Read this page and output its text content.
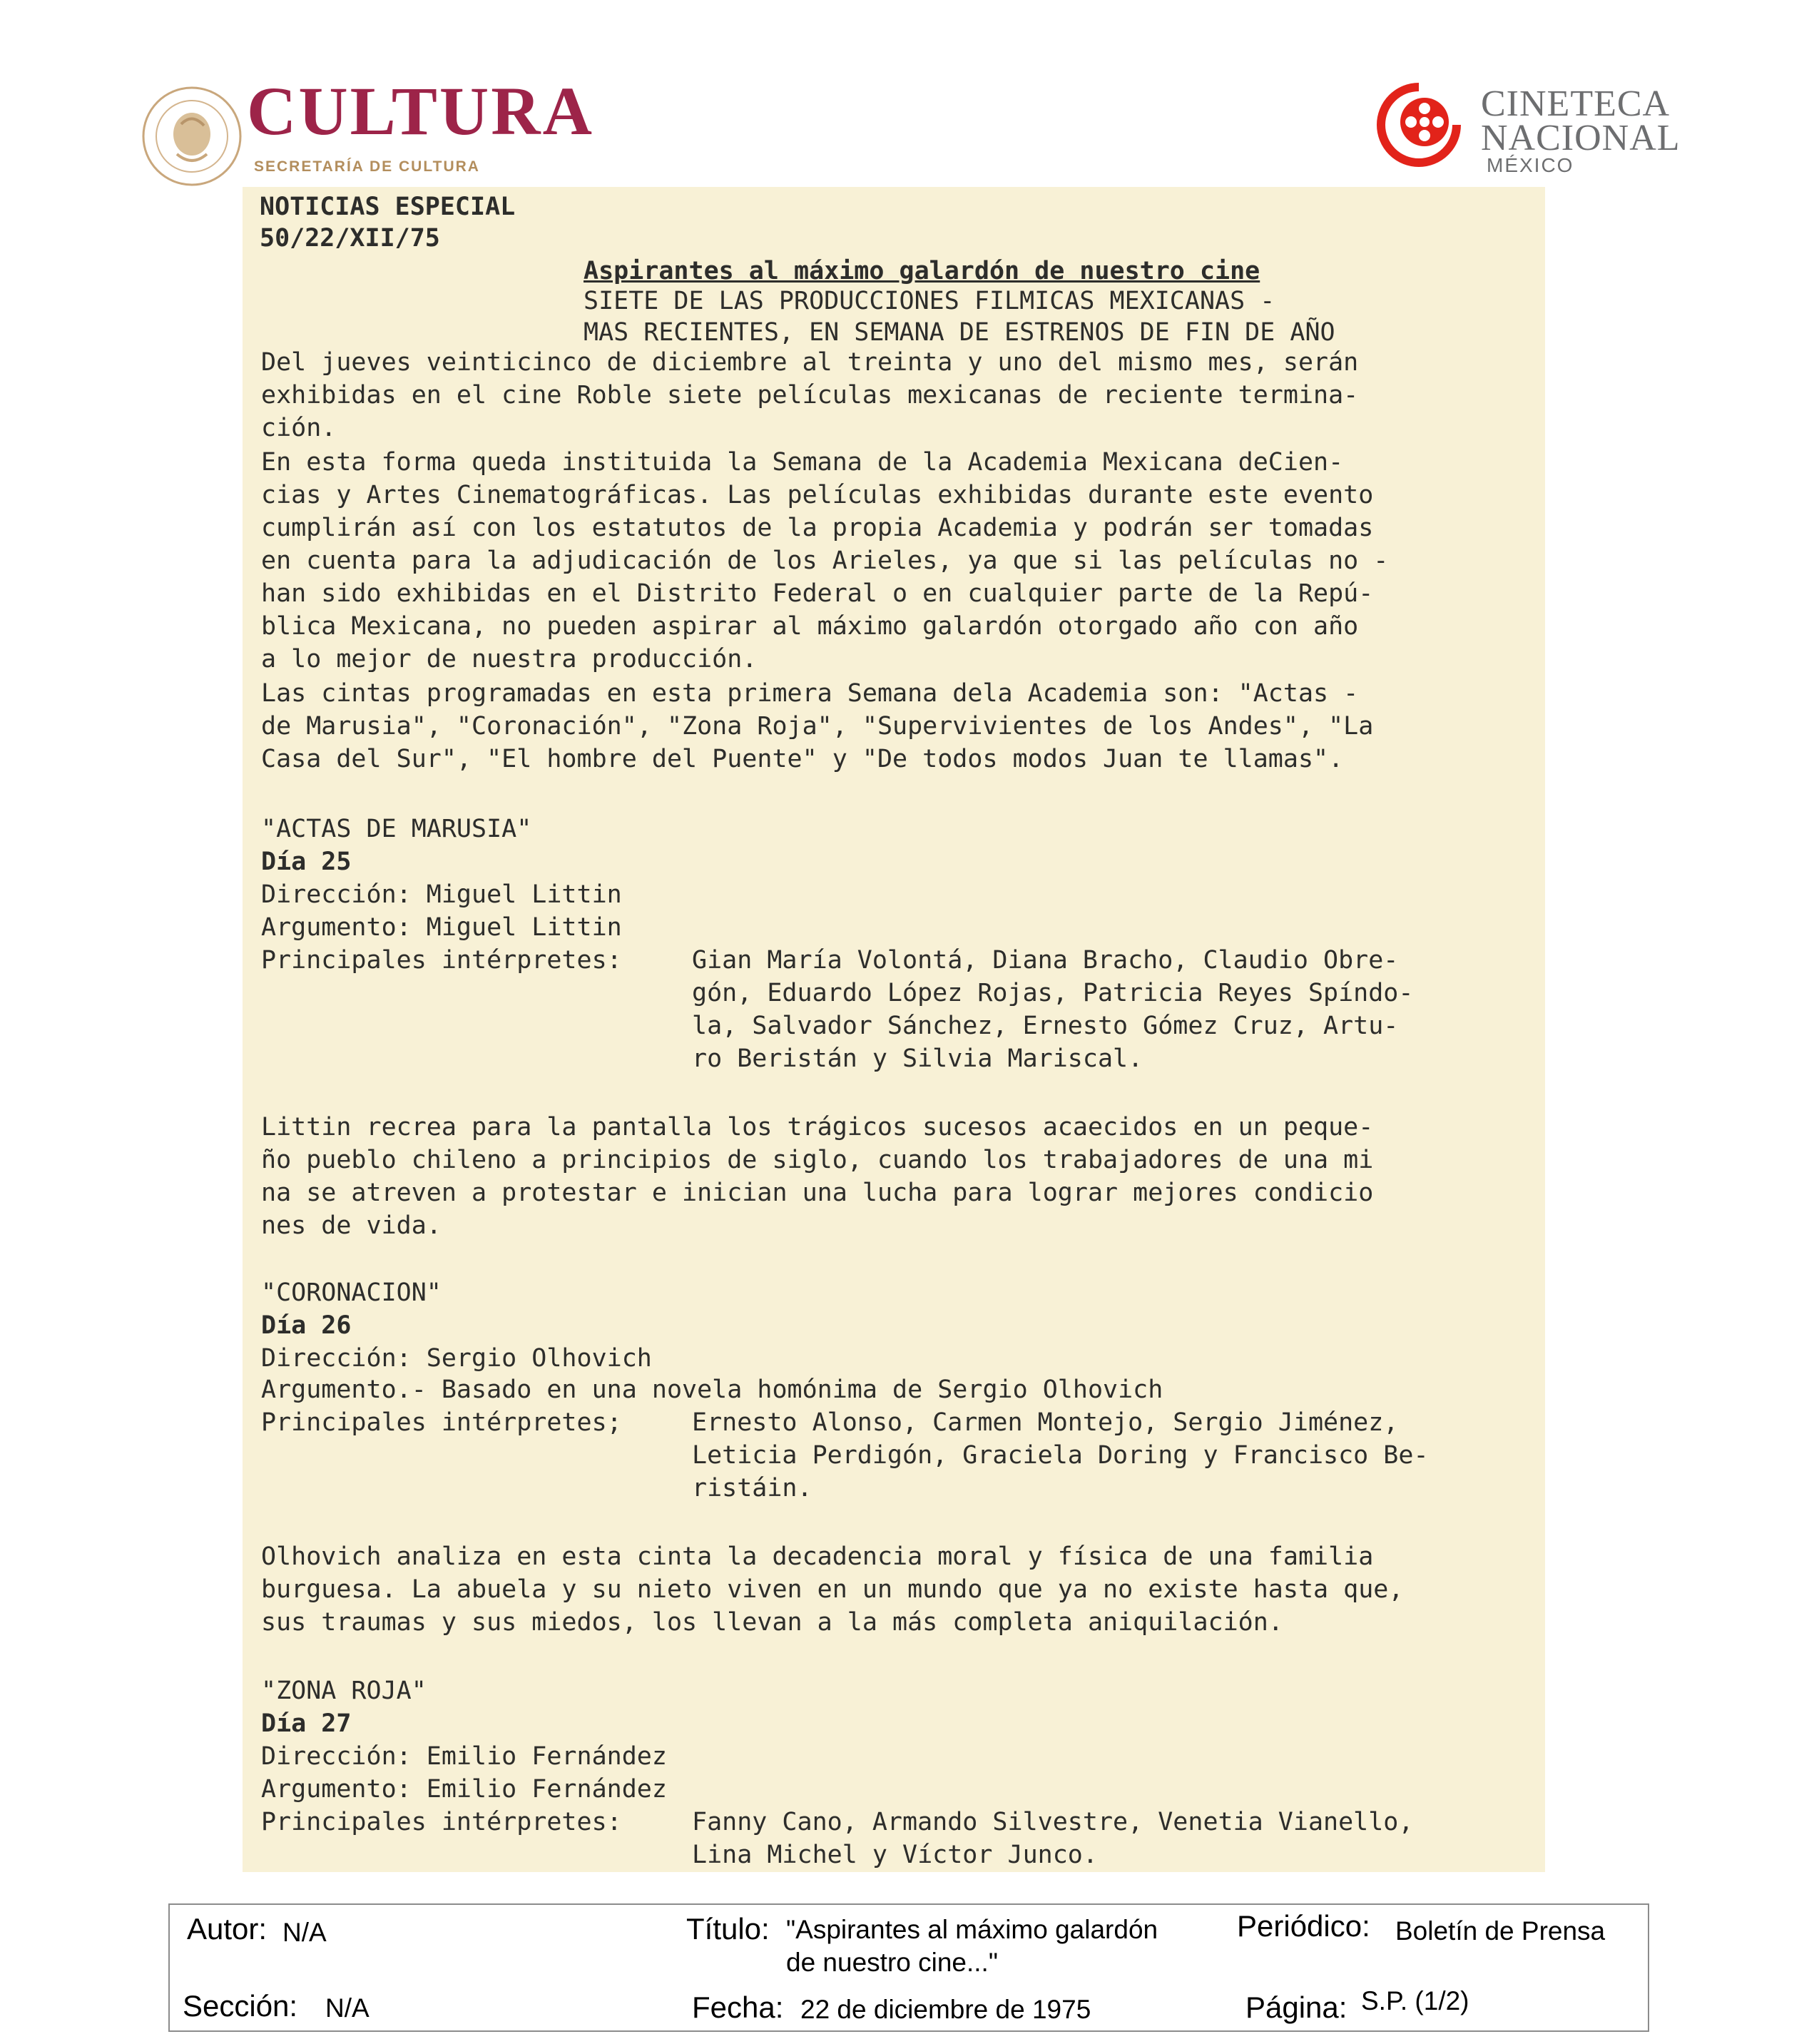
CULTURA
SECRETARÍA DE CULTURA
CINETECA
NACIONAL
MÉXICO
NOTICIAS ESPECIAL
50/22/XII/75
Aspirantes al máximo galardón de nuestro cine
SIETE DE LAS PRODUCCIONES FILMICAS MEXICANAS -
MAS RECIENTES, EN SEMANA DE ESTRENOS DE FIN DE AÑO
Del jueves veinticinco de diciembre al treinta y uno del mismo mes, serán
exhibidas en el cine Roble siete películas mexicanas de reciente termina-
ción.
En esta forma queda instituida la Semana de la Academia Mexicana deCien-
cias y Artes Cinematográficas. Las películas exhibidas durante este evento
cumplirán así con los estatutos de la propia Academia y podrán ser tomadas
en cuenta para la adjudicación de los Arieles, ya que si las películas no -
han sido exhibidas en el Distrito Federal o en cualquier parte de la Repú-
blica Mexicana, no pueden aspirar al máximo galardón otorgado año con año
a lo mejor de nuestra producción.
Las cintas programadas en esta primera Semana dela Academia son: "Actas -
de Marusia", "Coronación", "Zona Roja", "Supervivientes de los Andes", "La
Casa del Sur", "El hombre del Puente" y "De todos modos Juan te llamas".
"ACTAS DE MARUSIA"
Día 25
Dirección: Miguel Littin
Argumento: Miguel Littin
Principales intérpretes:	Gian María Volontá, Diana Bracho, Claudio Obre-
gón, Eduardo López Rojas, Patricia Reyes Spíndo-
la, Salvador Sánchez, Ernesto Gómez Cruz, Artu-
ro Beristán y Silvia Mariscal.
Littin recrea para la pantalla los trágicos sucesos acaecidos en un peque-
ño pueblo chileno a principios de siglo, cuando los trabajadores de una mi
na se atreven a protestar e inician una lucha para lograr mejores condicio
nes de vida.
"CORONACION"
Día 26
Dirección: Sergio Olhovich
Argumento.- Basado en una novela homónima de Sergio Olhovich
Principales intérpretes;	Ernesto Alonso, Carmen Montejo, Sergio Jiménez,
Leticia Perdigón, Graciela Doring y Francisco Be-
ristáin.
Olhovich analiza en esta cinta la decadencia moral y física de una familia
burguesa. La abuela y su nieto viven en un mundo que ya no existe hasta que,
sus traumas y sus miedos, los llevan a la más completa aniquilación.
"ZONA ROJA"
Día 27
Dirección: Emilio Fernández
Argumento: Emilio Fernández
Principales intérpretes:	Fanny Cano, Armando Silvestre, Venetia Vianello,
Lina Michel y Víctor Junco.
Autor: N/A	Título: "Aspirantes al máximo galardón
de nuestro cine..."
Periódico: Boletín de Prensa
Sección: N/A	Fecha: 22 de diciembre de 1975	Página: S.P. (1/2)
